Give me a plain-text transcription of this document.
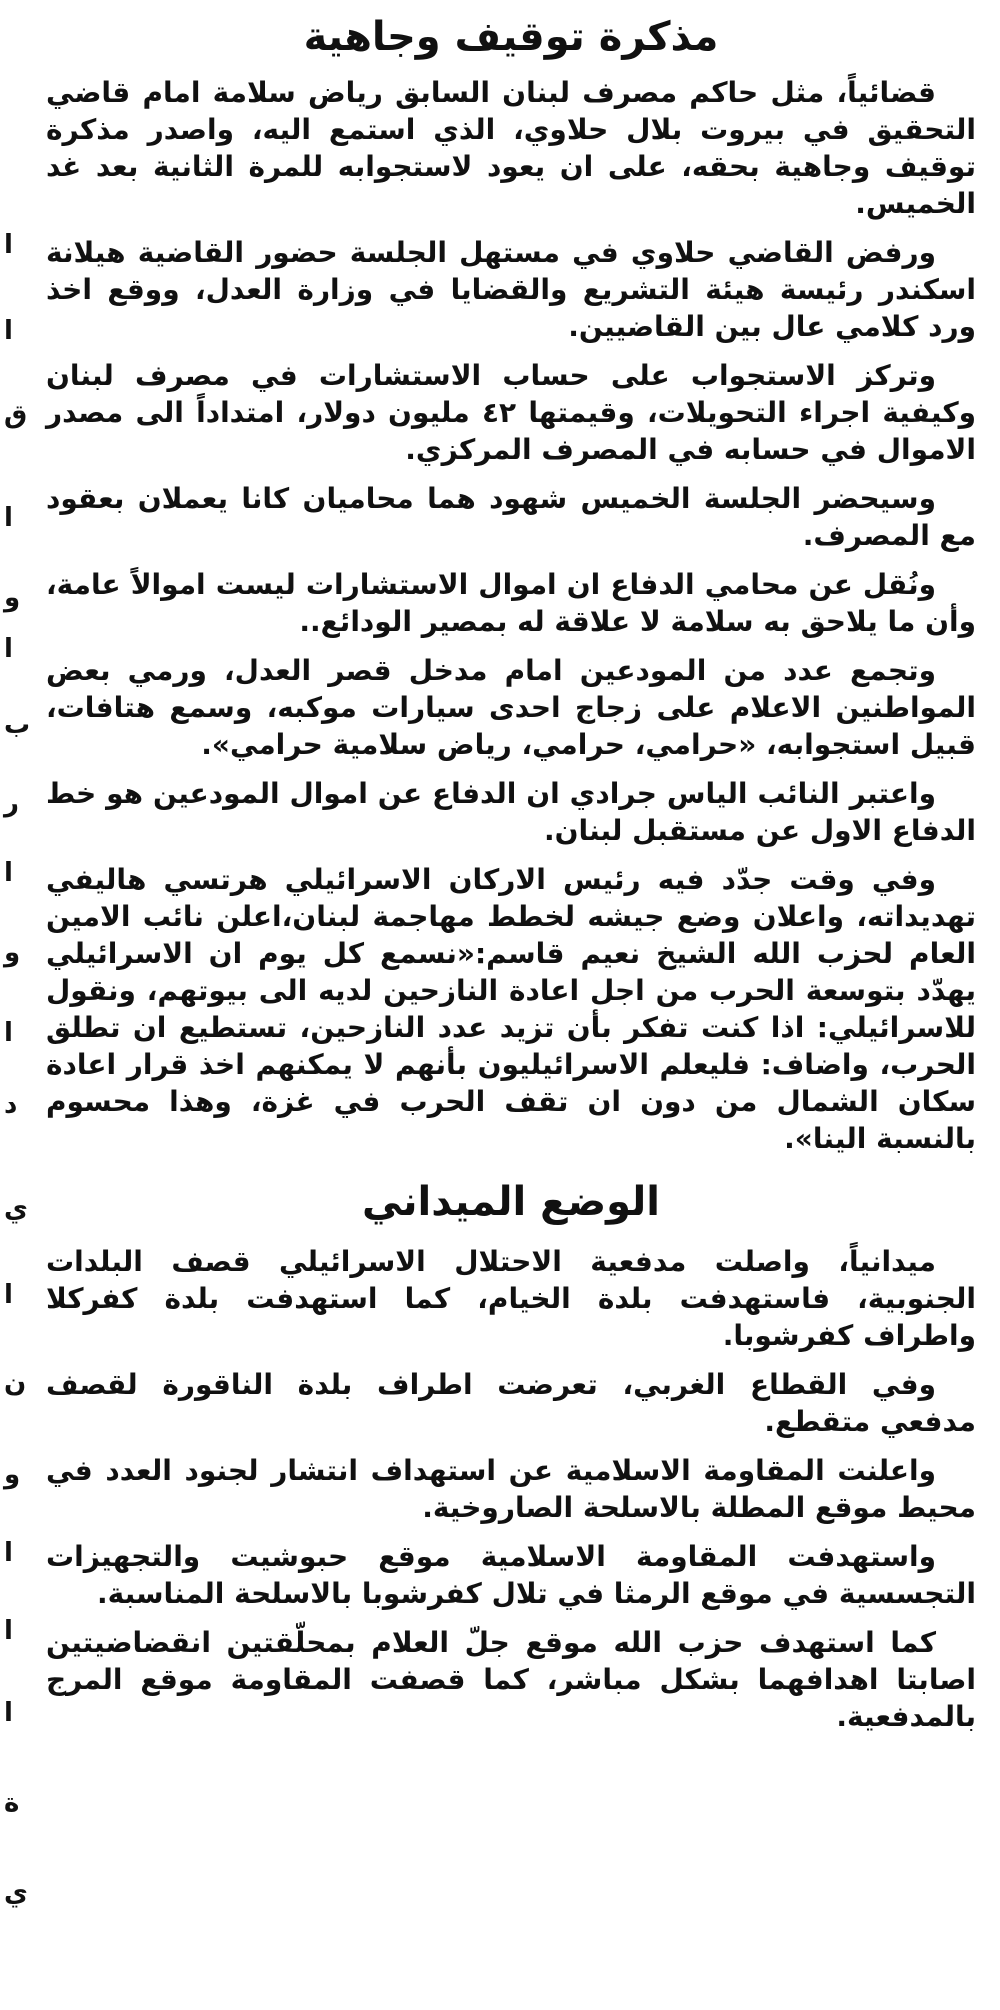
ا
ا
ق
ا
و
ا
ب
ر
ا
و
ا
د
ي
ا
ن
و
ا
ا
ا
ة
ي
مذكرة توقيف وجاهية

قضائياً، مثل حاكم مصرف لبنان السابق رياض سلامة امام قاضي التحقيق في بيروت بلال حلاوي، الذي استمع اليه، واصدر مذكرة توقيف وجاهية بحقه، على ان يعود لاستجوابه للمرة الثانية بعد غد الخميس.

ورفض القاضي حلاوي في مستهل الجلسة حضور القاضية هيلانة اسكندر رئيسة هيئة التشريع والقضايا في وزارة العدل، ووقع اخذ ورد كلامي عال بين القاضيين.

وتركز الاستجواب على حساب الاستشارات في مصرف لبنان وكيفية اجراء التحويلات، وقيمتها ٤٢ مليون دولار، امتداداً الى مصدر الاموال في حسابه في المصرف المركزي.

وسيحضر الجلسة الخميس شهود هما محاميان كانا يعملان بعقود مع المصرف.

ونُقل عن محامي الدفاع ان اموال الاستشارات ليست اموالاً عامة، وأن ما يلاحق به سلامة لا علاقة له بمصير الودائع..

وتجمع عدد من المودعين امام مدخل قصر العدل، ورمي بعض المواطنين الاعلام على زجاج احدى سيارات موكبه، وسمع هتافات، قبيل استجوابه، «حرامي، حرامي، رياض سلامية حرامي».

واعتبر النائب الياس جرادي ان الدفاع عن اموال المودعين هو خط الدفاع الاول عن مستقبل لبنان.

وفي وقت جدّد فيه رئيس الاركان الاسرائيلي هرتسي هاليفي تهديداته، واعلان وضع جيشه لخطط مهاجمة لبنان،اعلن نائب الامين العام لحزب الله الشيخ نعيم قاسم:«نسمع كل يوم ان الاسرائيلي يهدّد بتوسعة الحرب من اجل اعادة النازحين لديه الى بيوتهم، ونقول للاسرائيلي: اذا كنت تفكر بأن تزيد عدد النازحين، تستطيع ان تطلق الحرب، واضاف: فليعلم الاسرائيليون بأنهم لا يمكنهم اخذ قرار اعادة سكان الشمال من دون ان تقف الحرب في غزة، وهذا محسوم بالنسبة الينا».

الوضع الميداني

ميدانياً، واصلت مدفعية الاحتلال الاسرائيلي قصف البلدات الجنوبية، فاستهدفت بلدة الخيام، كما استهدفت بلدة كفركلا واطراف كفرشوبا.

وفي القطاع الغربي، تعرضت اطراف بلدة الناقورة لقصف مدفعي متقطع.

واعلنت المقاومة الاسلامية عن استهداف انتشار لجنود العدد في محيط موقع المطلة بالاسلحة الصاروخية.

واستهدفت المقاومة الاسلامية موقع حبوشيت والتجهيزات التجسسية في موقع الرمثا في تلال كفرشوبا بالاسلحة المناسبة.

كما استهدف حزب الله موقع جلّ العلام بمحلّقتين انقضاضيتين اصابتا اهدافهما بشكل مباشر، كما قصفت المقاومة موقع المرج بالمدفعية.
